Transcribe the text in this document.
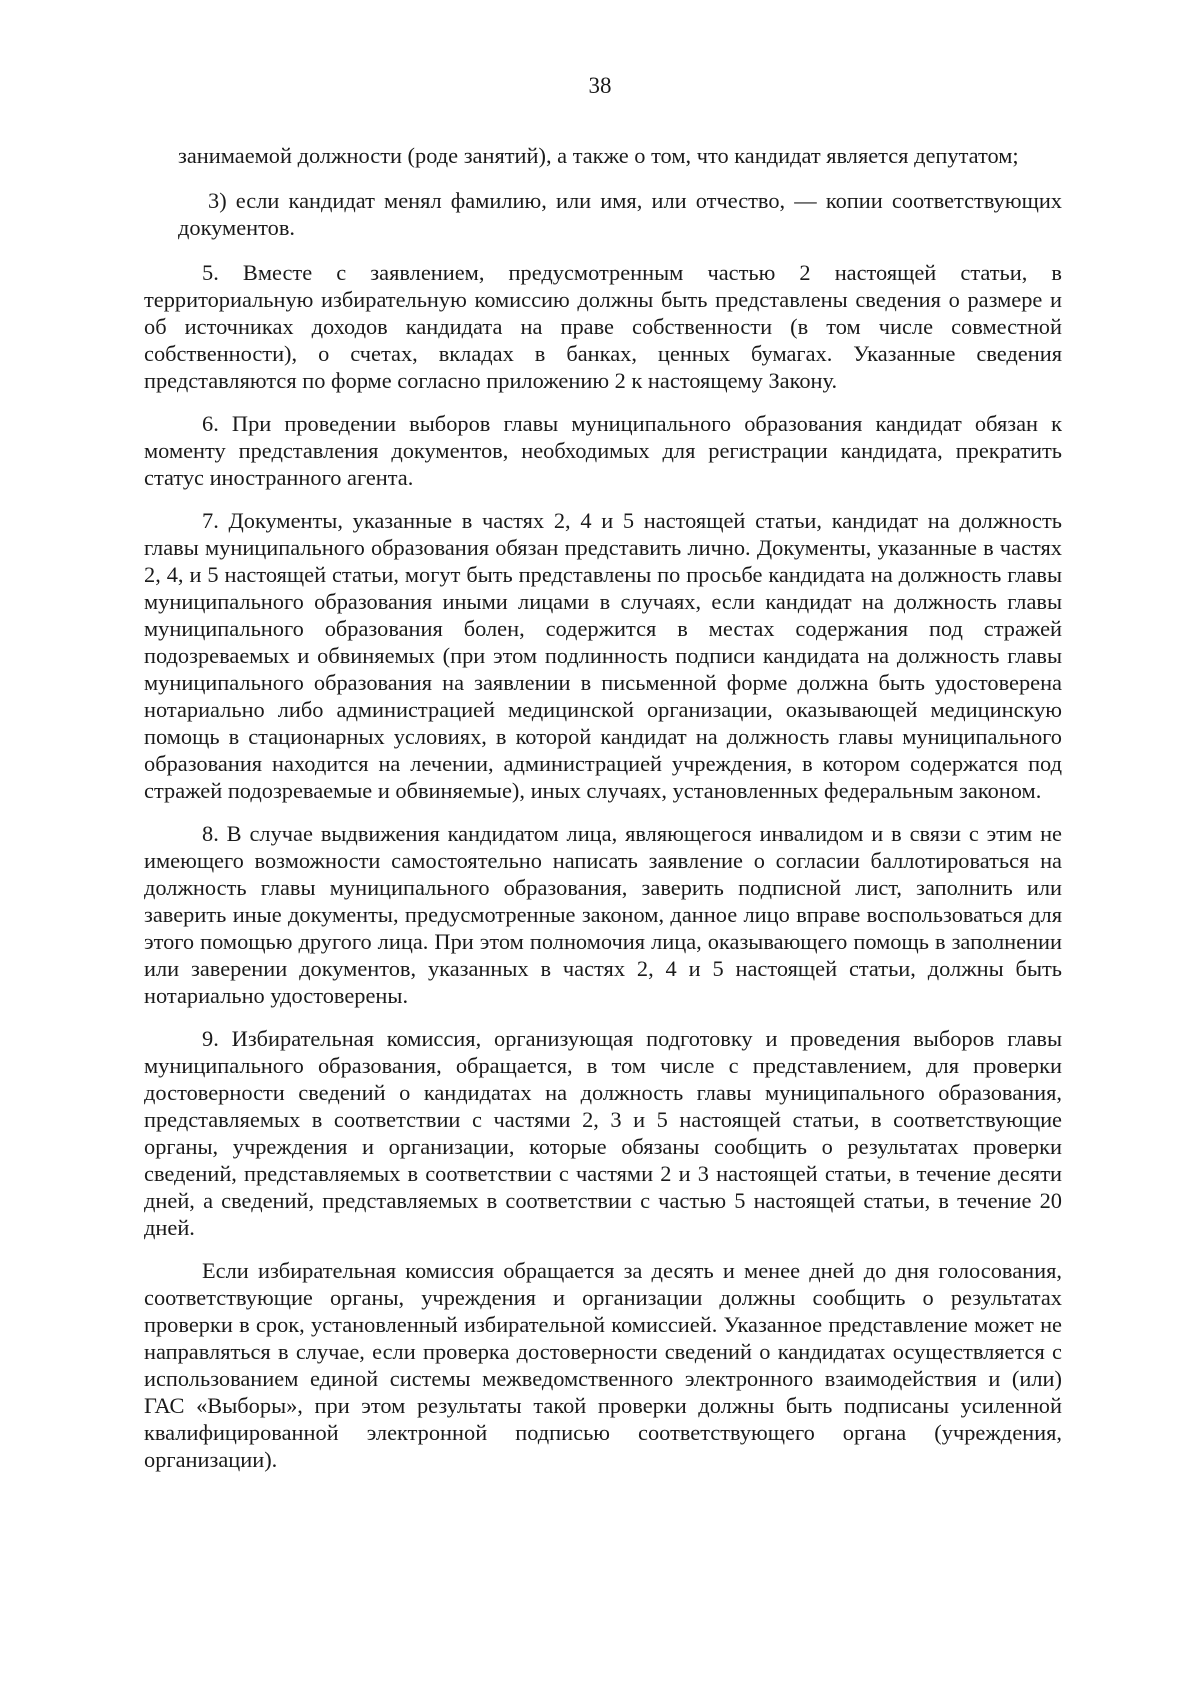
38

занимаемой должности (роде занятий), а также о том, что кандидат является депутатом;

3) если кандидат менял фамилию, или имя, или отчество, — копии соответствующих документов.

5. Вместе с заявлением, предусмотренным частью 2 настоящей статьи, в территориальную избирательную комиссию должны быть представлены сведения о размере и об источниках доходов кандидата на праве собственности (в том числе совместной собственности), о счетах, вкладах в банках, ценных бумагах. Указанные сведения представляются по форме согласно приложению 2 к настоящему Закону.

6. При проведении выборов главы муниципального образования кандидат обязан к моменту представления документов, необходимых для регистрации кандидата, прекратить статус иностранного агента.

7. Документы, указанные в частях 2, 4 и 5 настоящей статьи, кандидат на должность главы муниципального образования обязан представить лично. Документы, указанные в частях 2, 4, и 5 настоящей статьи, могут быть представлены по просьбе кандидата на должность главы муниципального образования иными лицами в случаях, если кандидат на должность главы муниципального образования болен, содержится в местах содержания под стражей подозреваемых и обвиняемых (при этом подлинность подписи кандидата на должность главы муниципального образования на заявлении в письменной форме должна быть удостоверена нотариально либо администрацией медицинской организации, оказывающей медицинскую помощь в стационарных условиях, в которой кандидат на должность главы муниципального образования находится на лечении, администрацией учреждения, в котором содержатся под стражей подозреваемые и обвиняемые), иных случаях, установленных федеральным законом.

8. В случае выдвижения кандидатом лица, являющегося инвалидом и в связи с этим не имеющего возможности самостоятельно написать заявление о согласии баллотироваться на должность главы муниципального образования, заверить подписной лист, заполнить или заверить иные документы, предусмотренные законом, данное лицо вправе воспользоваться для этого помощью другого лица. При этом полномочия лица, оказывающего помощь в заполнении или заверении документов, указанных в частях 2, 4 и 5 настоящей статьи, должны быть нотариально удостоверены.

9. Избирательная комиссия, организующая подготовку и проведения выборов главы муниципального образования, обращается, в том числе с представлением, для проверки достоверности сведений о кандидатах на должность главы муниципального образования, представляемых в соответствии с частями 2, 3 и 5 настоящей статьи, в соответствующие органы, учреждения и организации, которые обязаны сообщить о результатах проверки сведений, представляемых в соответствии с частями 2 и 3 настоящей статьи, в течение десяти дней, а сведений, представляемых в соответствии с частью 5 настоящей статьи, в течение 20 дней.

Если избирательная комиссия обращается за десять и менее дней до дня голосования, соответствующие органы, учреждения и организации должны сообщить о результатах проверки в срок, установленный избирательной комиссией. Указанное представление может не направляться в случае, если проверка достоверности сведений о кандидатах осуществляется с использованием единой системы межведомственного электронного взаимодействия и (или) ГАС «Выборы», при этом результаты такой проверки должны быть подписаны усиленной квалифицированной электронной подписью соответствующего органа (учреждения, организации).
